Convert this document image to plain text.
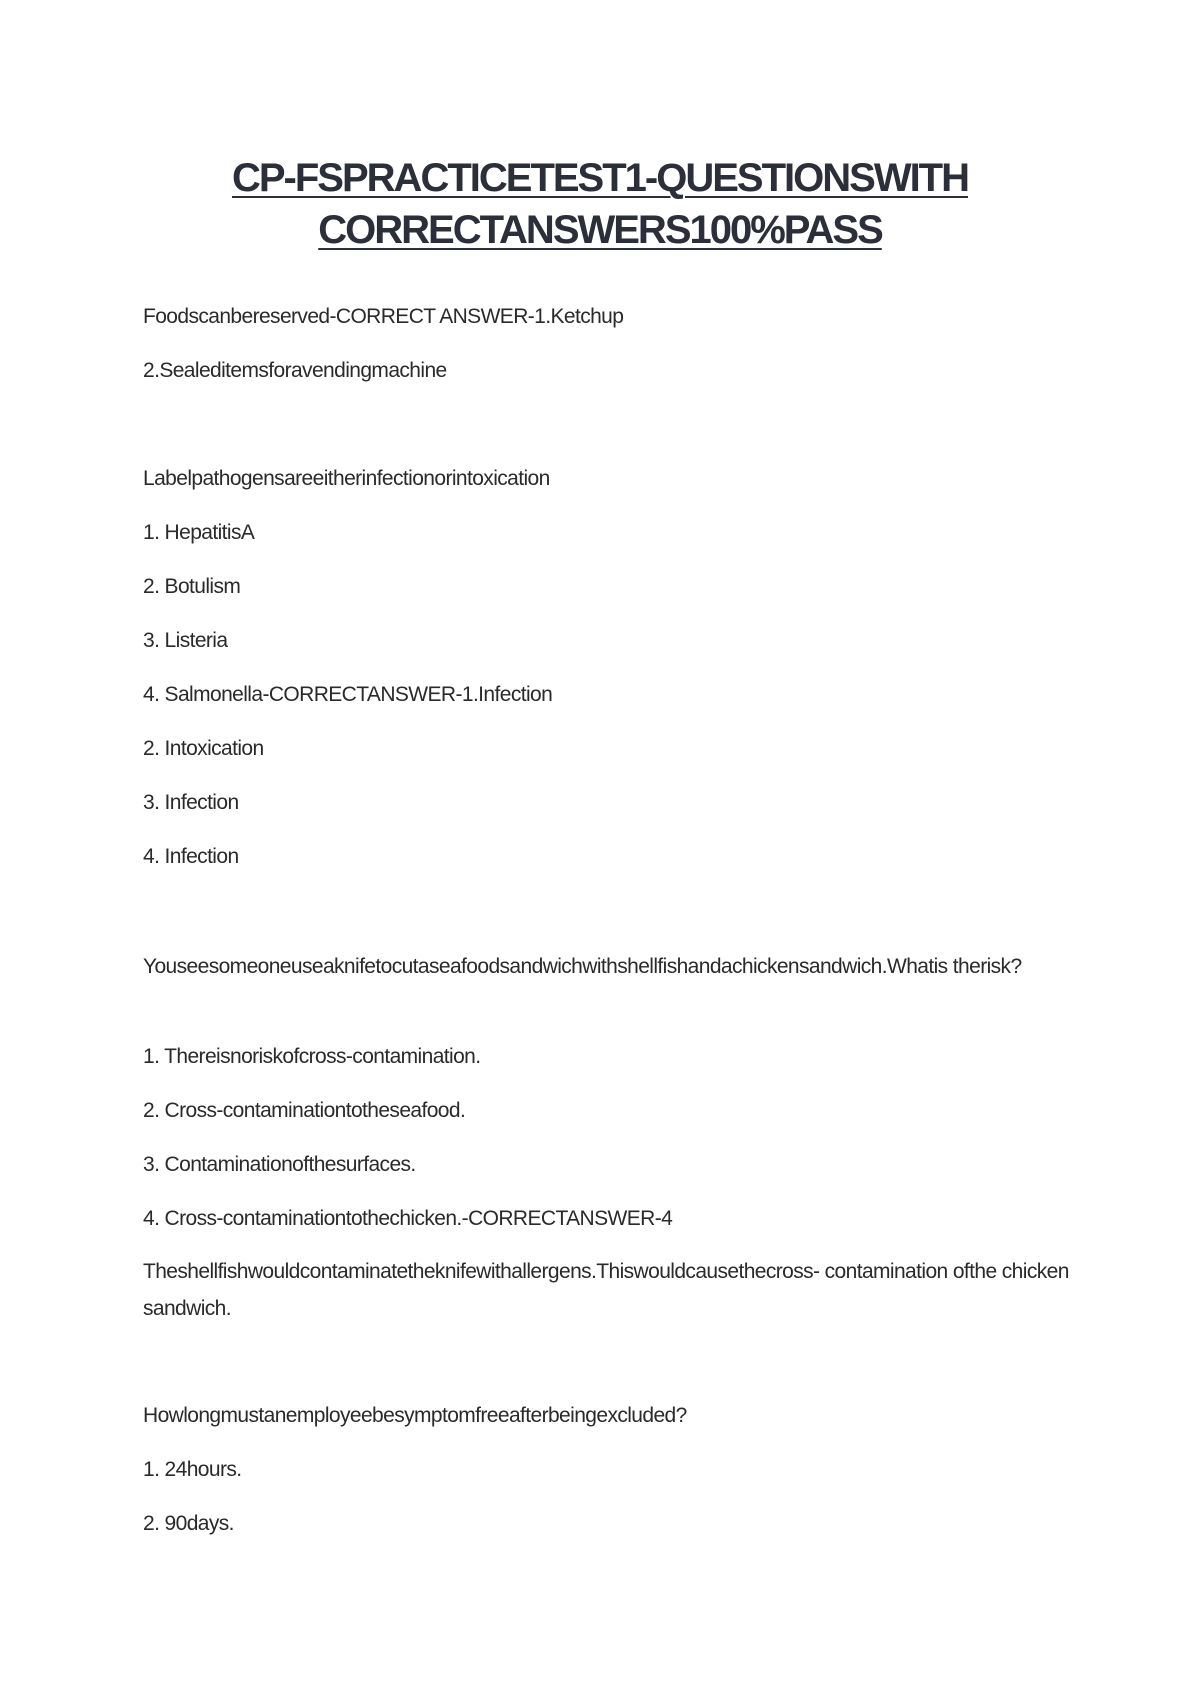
CP-FSPRACTICETEST1-QUESTIONSWITH
CORRECTANSWERS100%PASS
Foodscanbereserved-CORRECT ANSWER-1.Ketchup
2.Sealeditemsforavendingmachine
Labelpathogensareeitherinfectionorintoxication
1. HepatitisA
2. Botulism
3. Listeria
4. Salmonella-CORRECTANSWER-1.Infection
2. Intoxication
3. Infection
4. Infection
Youseesomeoneuseaknifetocutaseafoodsandwichwithshellfishandachickensandwich.Whatis therisk?
1. Thereisnoriskofcross-contamination.
2. Cross-contaminationtotheseafood.
3. Contaminationofthesurfaces.
4. Cross-contaminationtothechicken.-CORRECTANSWER-4
Theshellfishwouldcontaminatetheknifewithallergens.Thiswouldcausethecross- contamination ofthe chicken sandwich.
Howlongmustanemployeebesymptomfreeafterbeingexcluded?
1. 24hours.
2. 90days.
